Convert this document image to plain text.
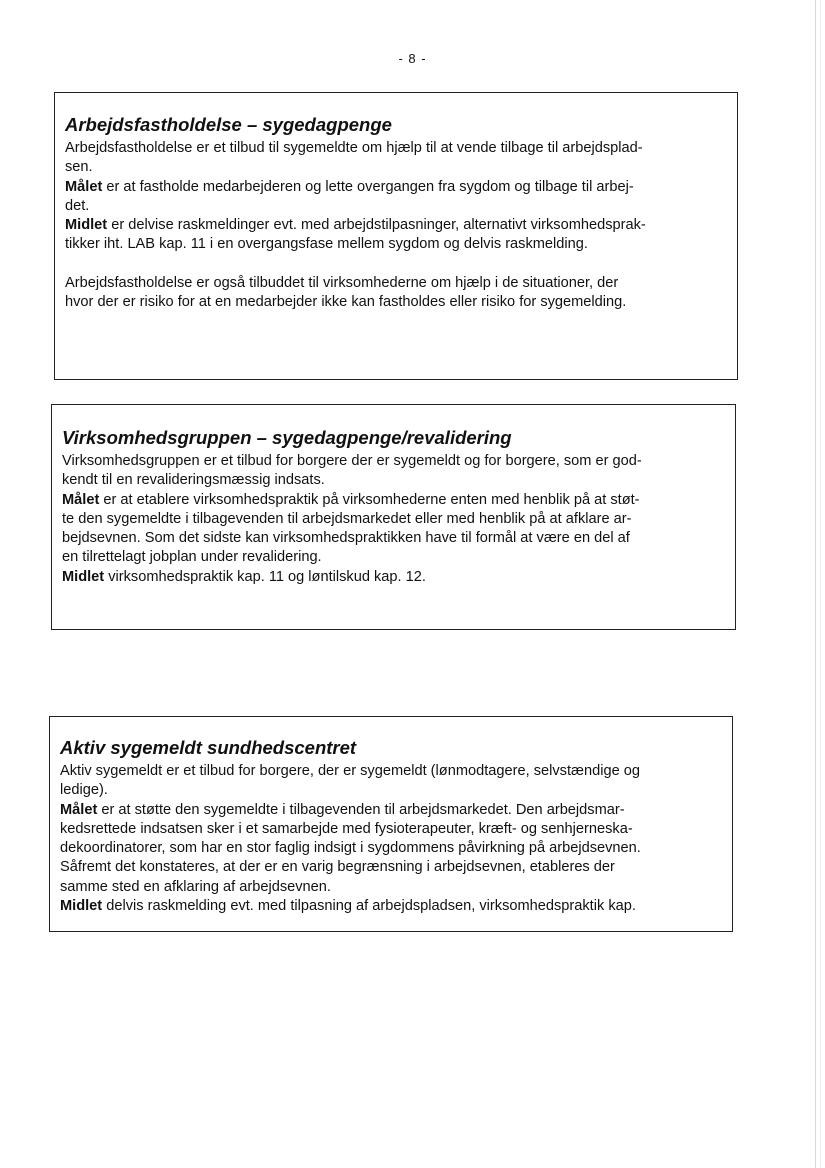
- 8 -
Arbejdsfastholdelse – sygedagpenge
Arbejdsfastholdelse er et tilbud til sygemeldte om hjælp til at vende tilbage til arbejdsplad-
sen.
Målet er at fastholde medarbejderen og lette overgangen fra sygdom og tilbage til arbej-
det.
Midlet er delvise raskmeldinger evt. med arbejdstilpasninger, alternativt virksomhedsprak-
tikker iht. LAB kap. 11 i en overgangsfase mellem sygdom og delvis raskmelding.
Arbejdsfastholdelse er også tilbuddet til virksomhederne om hjælp i de situationer, der
hvor der er risiko for at en medarbejder ikke kan fastholdes eller risiko for sygemelding.
Virksomhedsgruppen – sygedagpenge/revalidering
Virksomhedsgruppen er et tilbud for borgere der er sygemeldt og for borgere, som er god-
kendt til en revalideringsmæssig indsats.
Målet er at etablere virksomhedspraktik på virksomhederne enten med henblik på at støt-
te den sygemeldte i tilbagevenden til arbejdsmarkedet eller med henblik på at afklare ar-
bejdsevnen. Som det sidste kan virksomhedspraktikken have til formål at være en del af
en tilrettelagt jobplan under revalidering.
Midlet virksomhedspraktik kap. 11 og løntilskud kap. 12.
Aktiv sygemeldt sundhedscentret
Aktiv sygemeldt er et tilbud for borgere, der er sygemeldt (lønmodtagere, selvstændige og
ledige).
Målet er at støtte den sygemeldte i tilbagevenden til arbejdsmarkedet. Den arbejdsmar-
kedsrettede indsatsen sker i et samarbejde med fysioterapeuter, kræft- og senhjerneska-
dekoordinatorer, som har en stor faglig indsigt i sygdommens påvirkning på arbejdsevnen.
Såfremt det konstateres, at der er en varig begrænsning i arbejdsevnen, etableres der
samme sted en afklaring af arbejdsevnen.
Midlet delvis raskmelding evt. med tilpasning af arbejdspladsen, virksomhedspraktik kap.
